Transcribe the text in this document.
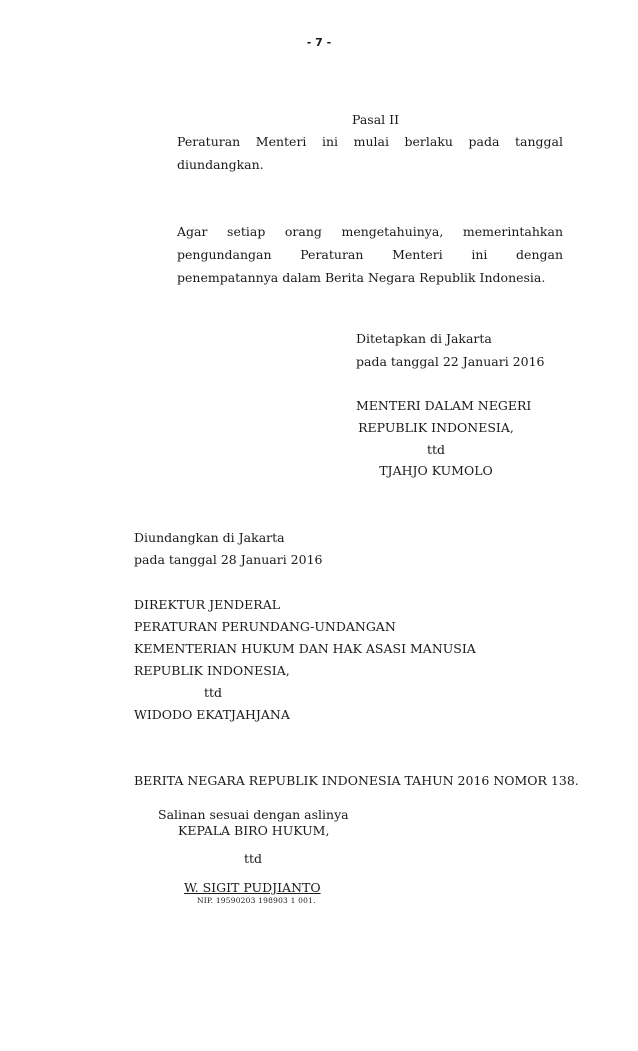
- 7 -
Pasal II
Peraturan Menteri ini mulai berlaku pada tanggal diundangkan.
Agar setiap orang mengetahuinya, memerintahkan pengundangan Peraturan Menteri ini dengan penempatannya dalam Berita Negara Republik Indonesia.
Ditetapkan di Jakarta
pada tanggal 22 Januari 2016
MENTERI DALAM NEGERI
REPUBLIK INDONESIA,
ttd
TJAHJO KUMOLO
Diundangkan di Jakarta
pada tanggal 28 Januari 2016
DIREKTUR JENDERAL
PERATURAN PERUNDANG-UNDANGAN
KEMENTERIAN HUKUM DAN HAK ASASI MANUSIA
REPUBLIK INDONESIA,
ttd
WIDODO EKATJAHJANA
BERITA NEGARA REPUBLIK INDONESIA TAHUN 2016 NOMOR 138.
Salinan sesuai dengan aslinya
KEPALA BIRO HUKUM,
ttd
W. SIGIT PUDJIANTO
NIP. 19590203 198903 1 001.
